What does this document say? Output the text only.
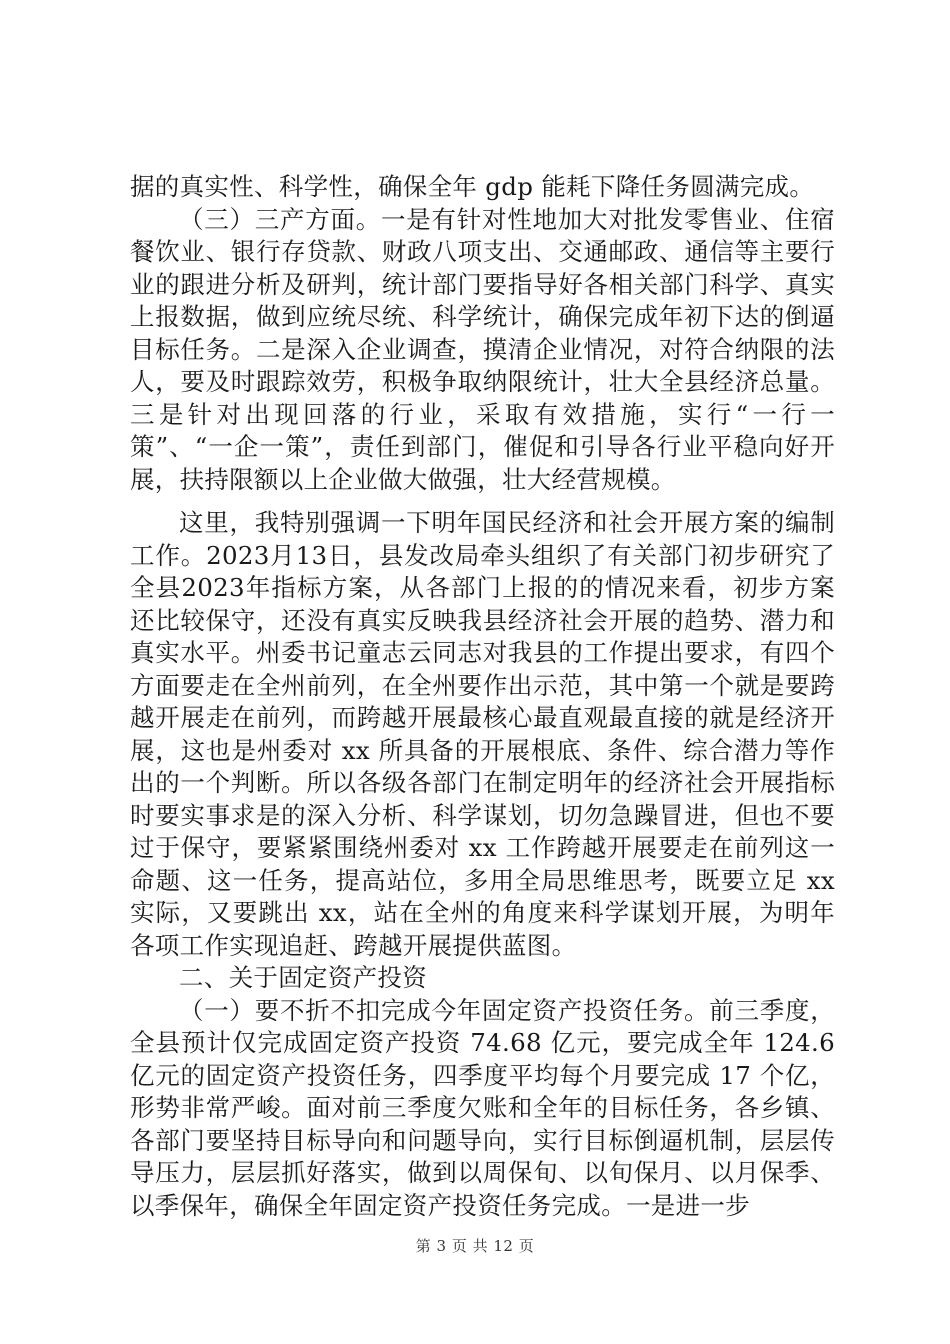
据的真实性、科学性，确保全年 gdp 能耗下降任务圆满完成。

（三）三产方面。一是有针对性地加大对批发零售业、住宿餐饮业、银行存贷款、财政八项支出、交通邮政、通信等主要行业的跟进分析及研判，统计部门要指导好各相关部门科学、真实上报数据，做到应统尽统、科学统计，确保完成年初下达的倒逼目标任务。二是深入企业调查，摸清企业情况，对符合纳限的法人，要及时跟踪效劳，积极争取纳限统计，壮大全县经济总量。三是针对出现回落的行业，采取有效措施，实行“一行一策”、“一企一策”，责任到部门，催促和引导各行业平稳向好开展，扶持限额以上企业做大做强，壮大经营规模。

这里，我特别强调一下明年国民经济和社会开展方案的编制工作。2023月13日，县发改局牵头组织了有关部门初步研究了全县2023年指标方案，从各部门上报的的情况来看，初步方案还比较保守，还没有真实反映我县经济社会开展的趋势、潜力和真实水平。州委书记童志云同志对我县的工作提出要求，有四个方面要走在全州前列，在全州要作出示范，其中第一个就是要跨越开展走在前列，而跨越开展最核心最直观最直接的就是经济开展，这也是州委对 xx 所具备的开展根底、条件、综合潜力等作出的一个判断。所以各级各部门在制定明年的经济社会开展指标时要实事求是的深入分析、科学谋划，切勿急躁冒进，但也不要过于保守，要紧紧围绕州委对 xx 工作跨越开展要走在前列这一命题、这一任务，提高站位，多用全局思维思考，既要立足 xx 实际，又要跳出 xx，站在全州的角度来科学谋划开展，为明年各项工作实现追赶、跨越开展提供蓝图。

二、关于固定资产投资

（一）要不折不扣完成今年固定资产投资任务。前三季度，全县预计仅完成固定资产投资 74.68 亿元，要完成全年 124.6 亿元的固定资产投资任务，四季度平均每个月要完成 17 个亿，形势非常严峻。面对前三季度欠账和全年的目标任务，各乡镇、各部门要坚持目标导向和问题导向，实行目标倒逼机制，层层传导压力，层层抓好落实，做到以周保旬、以旬保月、以月保季、以季保年，确保全年固定资产投资任务完成。一是进一步

第 3 页 共 12 页
